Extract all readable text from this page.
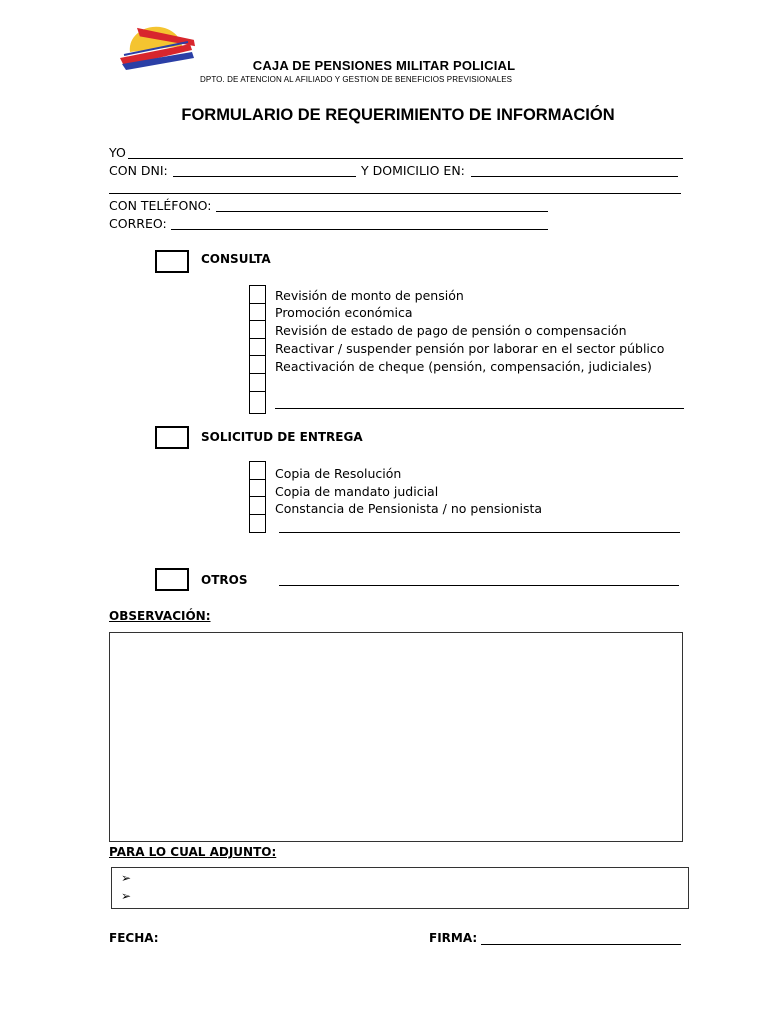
CAJA DE PENSIONES MILITAR POLICIAL
DPTO. DE ATENCION AL AFILIADO Y GESTION DE BENEFICIOS PREVISIONALES
FORMULARIO DE REQUERIMIENTO DE INFORMACIÓN
YO
CON DNI:	Y DOMICILIO EN:
CON TELÉFONO:
CORREO:
CONSULTA
Revisión de monto de pensión
Promoción económica
Revisión de estado de pago de pensión o compensación
Reactivar / suspender pensión por laborar en el sector público
Reactivación de cheque (pensión, compensación, judiciales)
SOLICITUD DE ENTREGA
Copia de Resolución
Copia de mandato judicial
Constancia de Pensionista / no pensionista
OTROS
OBSERVACIÓN:
PARA LO CUAL ADJUNTO:
➢
➢
FECHA:	FIRMA:
